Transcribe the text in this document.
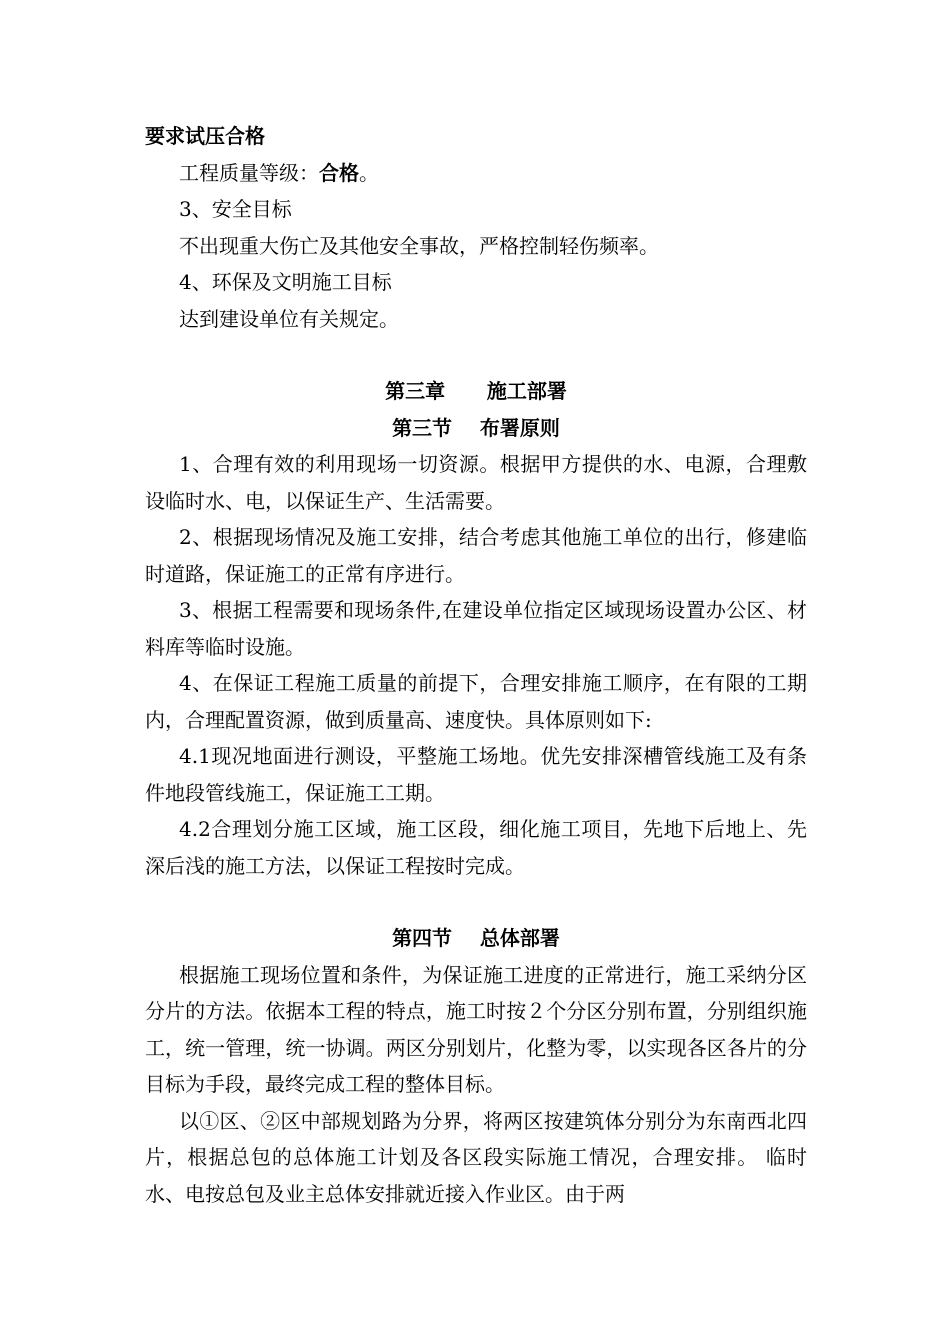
要求试压合格

工程质量等级：合格。

3、安全目标

不出现重大伤亡及其他安全事故，严格控制轻伤频率。

4、环保及文明施工目标

达到建设单位有关规定。

第三章      施工部署

第三节    布署原则

1、合理有效的利用现场一切资源。根据甲方提供的水、电源，合理敷设临时水、电，以保证生产、生活需要。

2、根据现场情况及施工安排，结合考虑其他施工单位的出行，修建临时道路，保证施工的正常有序进行。

3、根据工程需要和现场条件,在建设单位指定区域现场设置办公区、材料库等临时设施。

4、在保证工程施工质量的前提下，合理安排施工顺序，在有限的工期内，合理配置资源，做到质量高、速度快。具体原则如下:

4.1现况地面进行测设，平整施工场地。优先安排深槽管线施工及有条件地段管线施工，保证施工工期。

4.2合理划分施工区域，施工区段，细化施工项目，先地下后地上、先深后浅的施工方法，以保证工程按时完成。

第四节    总体部署

根据施工现场位置和条件，为保证施工进度的正常进行，施工采纳分区分片的方法。依据本工程的特点，施工时按２个分区分别布置，分别组织施工，统一管理，统一协调。两区分别划片，化整为零，以实现各区各片的分目标为手段，最终完成工程的整体目标。

以①区、②区中部规划路为分界，将两区按建筑体分别分为东南西北四片，根据总包的总体施工计划及各区段实际施工情况，合理安排。 临时水、电按总包及业主总体安排就近接入作业区。由于两
